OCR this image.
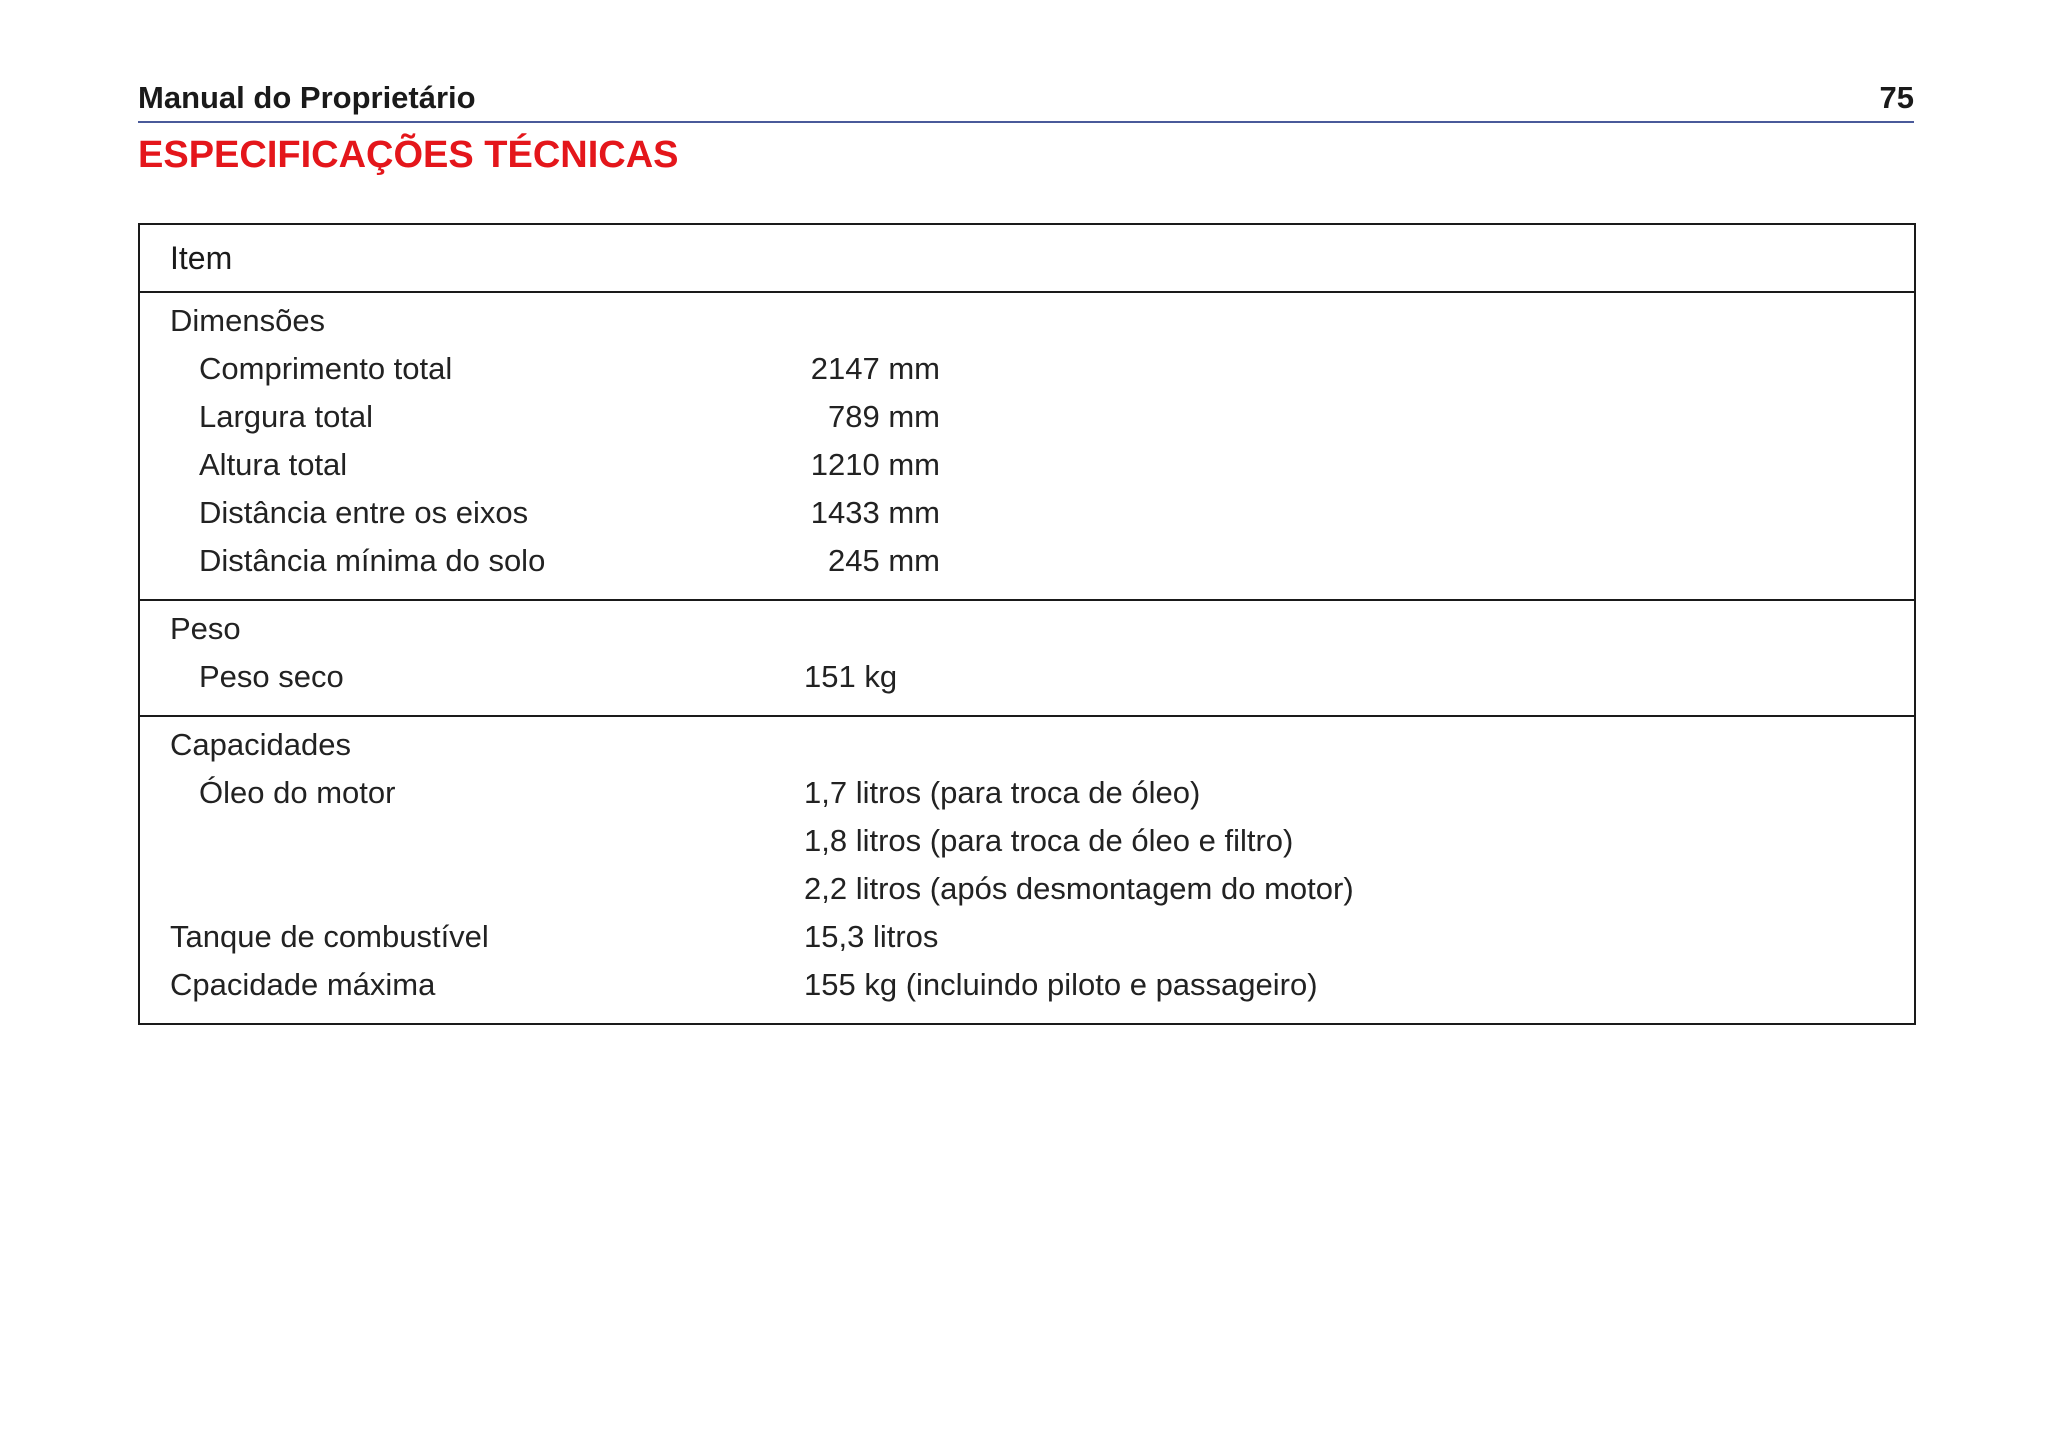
Manual do Proprietário	75
ESPECIFICAÇÕES TÉCNICAS
Item
Dimensões
Comprimento total	2147 mm
Largura total	789 mm
Altura total	1210 mm
Distância entre os eixos	1433 mm
Distância mínima do solo	245 mm
Peso
Peso seco	151 kg
Capacidades
Óleo do motor	1,7 litros (para troca de óleo)
1,8 litros (para troca de óleo e filtro)
2,2 litros (após desmontagem do motor)
Tanque de combustível	15,3 litros
Cpacidade máxima	155 kg (incluindo piloto e passageiro)
